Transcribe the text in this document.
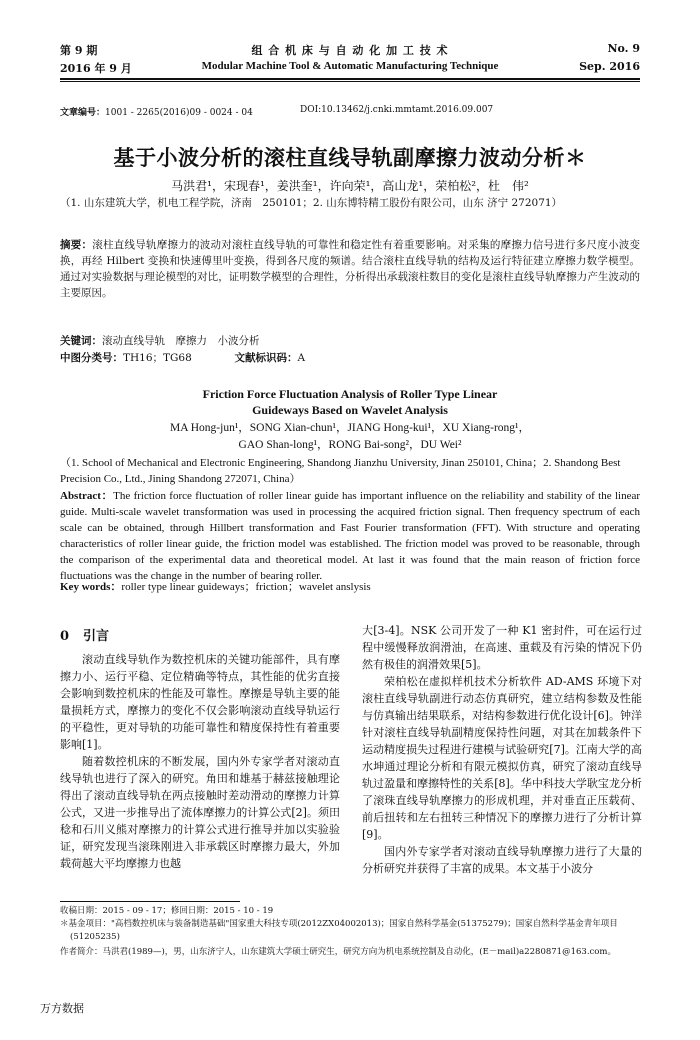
第 9 期	组 合 机 床 与 自 动 化 加 工 技 术	No. 9
2016 年 9 月	Modular Machine Tool & Automatic Manufacturing Technique	Sep. 2016
文章编号：1001 - 2265(2016)09 - 0024 - 04	DOI:10.13462/j.cnki.mmtamt.2016.09.007
基于小波分析的滚柱直线导轨副摩擦力波动分析＊
马洪君¹，宋现春¹，姜洪奎¹，许向荣¹，高山龙¹，荣柏松²，杜　伟²
（1. 山东建筑大学，机电工程学院，济南　250101；2. 山东博特精工股份有限公司，山东 济宁 272071）
摘要：滚柱直线导轨摩擦力的波动对滚柱直线导轨的可靠性和稳定性有着重要影响。对采集的摩擦力信号进行多尺度小波变换，再经 Hilbert 变换和快速傅里叶变换，得到各尺度的频谱。结合滚柱直线导轨的结构及运行特征建立摩擦力数学模型。通过对实验数据与理论模型的对比，证明数学模型的合理性，分析得出承载滚柱数目的变化是滚柱直线导轨摩擦力产生波动的主要原因。
关键词：滚动直线导轨　摩擦力　小波分析
中图分类号：TH16；TG68	文献标识码：A
Friction Force Fluctuation Analysis of Roller Type Linear
Guideways Based on Wavelet Analysis
MA Hong-jun¹，SONG Xian-chun¹，JIANG Hong-kui¹，XU Xiang-rong¹，
GAO Shan-long¹，RONG Bai-song²，DU Wei²
（1. School of Mechanical and Electronic Engineering, Shandong Jianzhu University, Jinan 250101, China；2. Shandong Best Precision Co., Ltd., Jining Shandong 272071, China）
Abstract：The friction force fluctuation of roller linear guide has important influence on the reliability and stability of the linear guide. Multi-scale wavelet transformation was used in processing the acquired friction signal. Then frequency spectrum of each scale can be obtained, through Hillbert transformation and Fast Fourier transformation (FFT). With structure and operating characteristics of roller linear guide, the friction model was established. The friction model was proved to be reasonable, through the comparison of the experimental data and theoretical model. At last it was found that the main reason of friction force fluctuations was the change in the number of bearing roller.
Key words：roller type linear guideways；friction；wavelet anslysis
0 引言

滚动直线导轨作为数控机床的关键功能部件，具有摩擦力小、运行平稳、定位精确等特点，其性能的优劣直接会影响到数控机床的性能及可靠性。摩擦是导轨主要的能量损耗方式，摩擦力的变化不仅会影响滚动直线导轨运行的平稳性，更对导轨的功能可靠性和精度保持性有着重要影响[1]。

随着数控机床的不断发展，国内外专家学者对滚动直线导轨也进行了深入的研究。角田和雄基于赫兹接触理论得出了滚动直线导轨在两点接触时差动滑动的摩擦力计算公式，又进一步推导出了流体摩擦力的计算公式[2]。须田稔和石川义熊对摩擦力的计算公式进行推导并加以实验验证，研究发现当滚珠刚进入非承载区时摩擦力最大，外加载荷越大平均摩擦力也越

大[3-4]。NSK 公司开发了一种 K1 密封件，可在运行过程中缓慢释放润滑油，在高速、重载及有污染的情况下仍然有极佳的润滑效果[5]。

荣柏松在虚拟样机技术分析软件 AD-AMS 环境下对滚柱直线导轨副进行动态仿真研究，建立结构参数及性能与仿真输出结果联系，对结构参数进行优化设计[6]。钟洋针对滚柱直线导轨副精度保持性问题，对其在加载条件下运动精度损失过程进行建模与试验研究[7]。江南大学的高水坤通过理论分析和有限元模拟仿真，研究了滚动直线导轨过盈量和摩擦特性的关系[8]。华中科技大学耿宝龙分析了滚珠直线导轨摩擦力的形成机理，并对垂直正压载荷、前后扭转和左右扭转三种情况下的摩擦力进行了分析计算[9]。

国内外专家学者对滚动直线导轨摩擦力进行了大量的分析研究并获得了丰富的成果。本文基于小波分

收稿日期：2015 - 09 - 17；修回日期：2015 - 10 - 19
＊基金项目："高档数控机床与装备制造基础"国家重大科技专项(2012ZX04002013)；国家自然科学基金(51375279)；国家自然科学基金青年项目
(51205235)
作者简介：马洪君(1989—)，男，山东济宁人，山东建筑大学硕士研究生，研究方向为机电系统控制及自动化，(E－mail)a2280871@163.com。
万方数据
